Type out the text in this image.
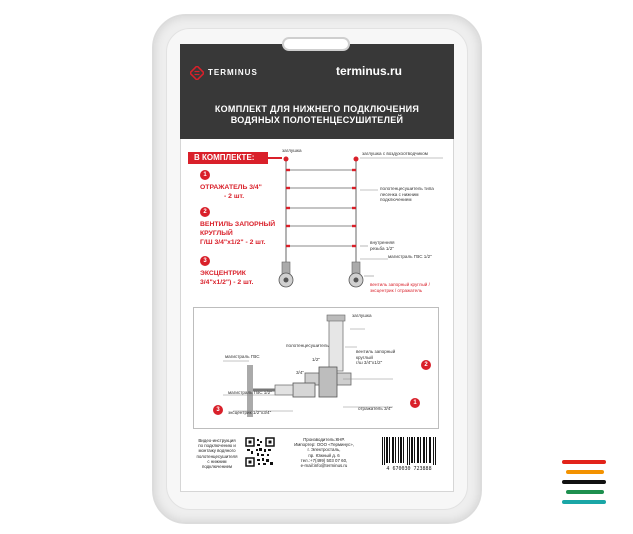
TERMINUS	terminus.ru
КОМПЛЕКТ ДЛЯ НИЖНЕГО ПОДКЛЮЧЕНИЯ
ВОДЯНЫХ ПОЛОТЕНЦЕСУШИТЕЛЕЙ
В КОМПЛЕКТЕ:
1
ОТРАЖАТЕЛЬ 3/4"
- 2 шт.
2
ВЕНТИЛЬ ЗАПОРНЫЙ
КРУГЛЫЙ
Г/Ш 3/4"x1/2" - 2 шт.
3
ЭКСЦЕНТРИК
3/4"x1/2") - 2 шт.
заглушка
заглушка с воздухоотводчиком
полотенцесушитель типа
лесенка с нижним
подключением
внутренняя
резьба 1/2"
магистраль ГВС 1/2"
вентиль запорный круглый /
эксцентрик / отражатель
заглушка
полотенцесушитель
1/2"
вентиль запорный
круглый
г/ш 3/4"x1/2"	2
магистраль ГВС
3/4"
магистраль ГВС 1/2"
3	эксцентрик 1/2"x3/4"
отражатель 3/4"
1
Видео-инструкция
по подключению и
монтажу водяного
полотенцесушителя
с нижним
подключением
Производитель:КНР.
Импортер: ООО «Терминус»,
г. Электросталь,
пр. Южный д. 6
тел.:+7(499) 503 07 60,
e-mail:info@terminus.ru
4 670030 723888
